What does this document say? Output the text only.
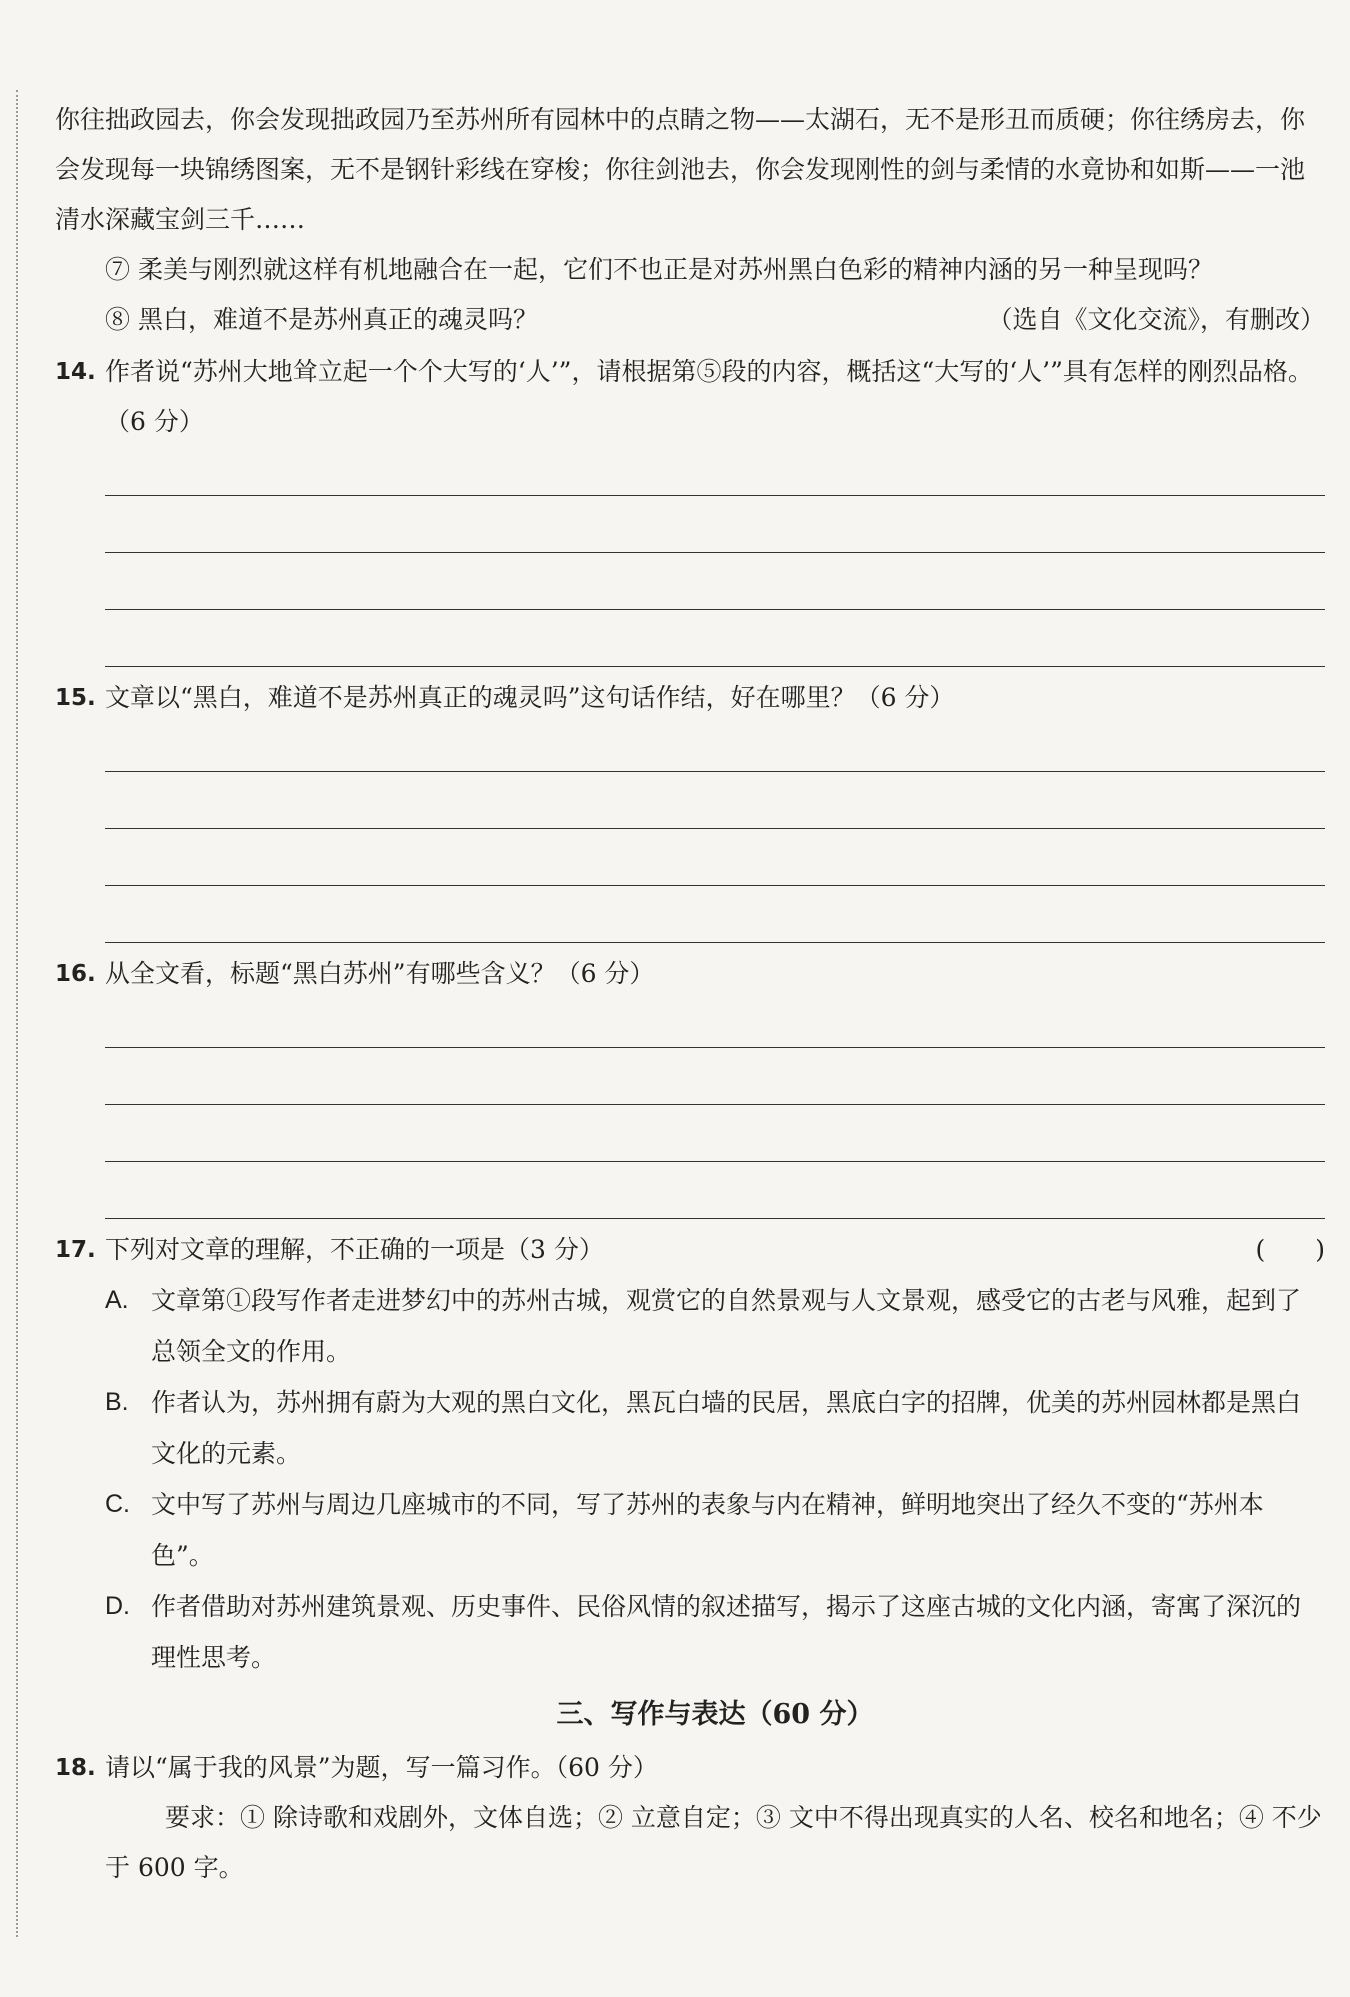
你往拙政园去，你会发现拙政园乃至苏州所有园林中的点睛之物——太湖石，无不是形丑而质硬；你往绣房去，你会发现每一块锦绣图案，无不是钢针彩线在穿梭；你往剑池去，你会发现刚性的剑与柔情的水竟协和如斯——一池清水深藏宝剑三千……

⑦ 柔美与刚烈就这样有机地融合在一起，它们不也正是对苏州黑白色彩的精神内涵的另一种呈现吗？

⑧ 黑白，难道不是苏州真正的魂灵吗？	（选自《文化交流》，有删改）
14. 作者说“苏州大地耸立起一个个大写的‘人’”，请根据第⑤段的内容，概括这“大写的‘人’”具有怎样的刚烈品格。（6 分）
15. 文章以“黑白，难道不是苏州真正的魂灵吗”这句话作结，好在哪里？（6 分）
16. 从全文看，标题“黑白苏州”有哪些含义？（6 分）
17. 下列对文章的理解，不正确的一项是（3 分）	(　　)
A. 文章第①段写作者走进梦幻中的苏州古城，观赏它的自然景观与人文景观，感受它的古老与风雅，起到了总领全文的作用。
B. 作者认为，苏州拥有蔚为大观的黑白文化，黑瓦白墙的民居，黑底白字的招牌，优美的苏州园林都是黑白文化的元素。
C. 文中写了苏州与周边几座城市的不同，写了苏州的表象与内在精神，鲜明地突出了经久不变的“苏州本色”。
D. 作者借助对苏州建筑景观、历史事件、民俗风情的叙述描写，揭示了这座古城的文化内涵，寄寓了深沉的理性思考。
三、写作与表达（60 分）
18. 请以“属于我的风景”为题，写一篇习作。（60 分）

要求：① 除诗歌和戏剧外，文体自选；② 立意自定；③ 文中不得出现真实的人名、校名和地名；④ 不少于 600 字。
